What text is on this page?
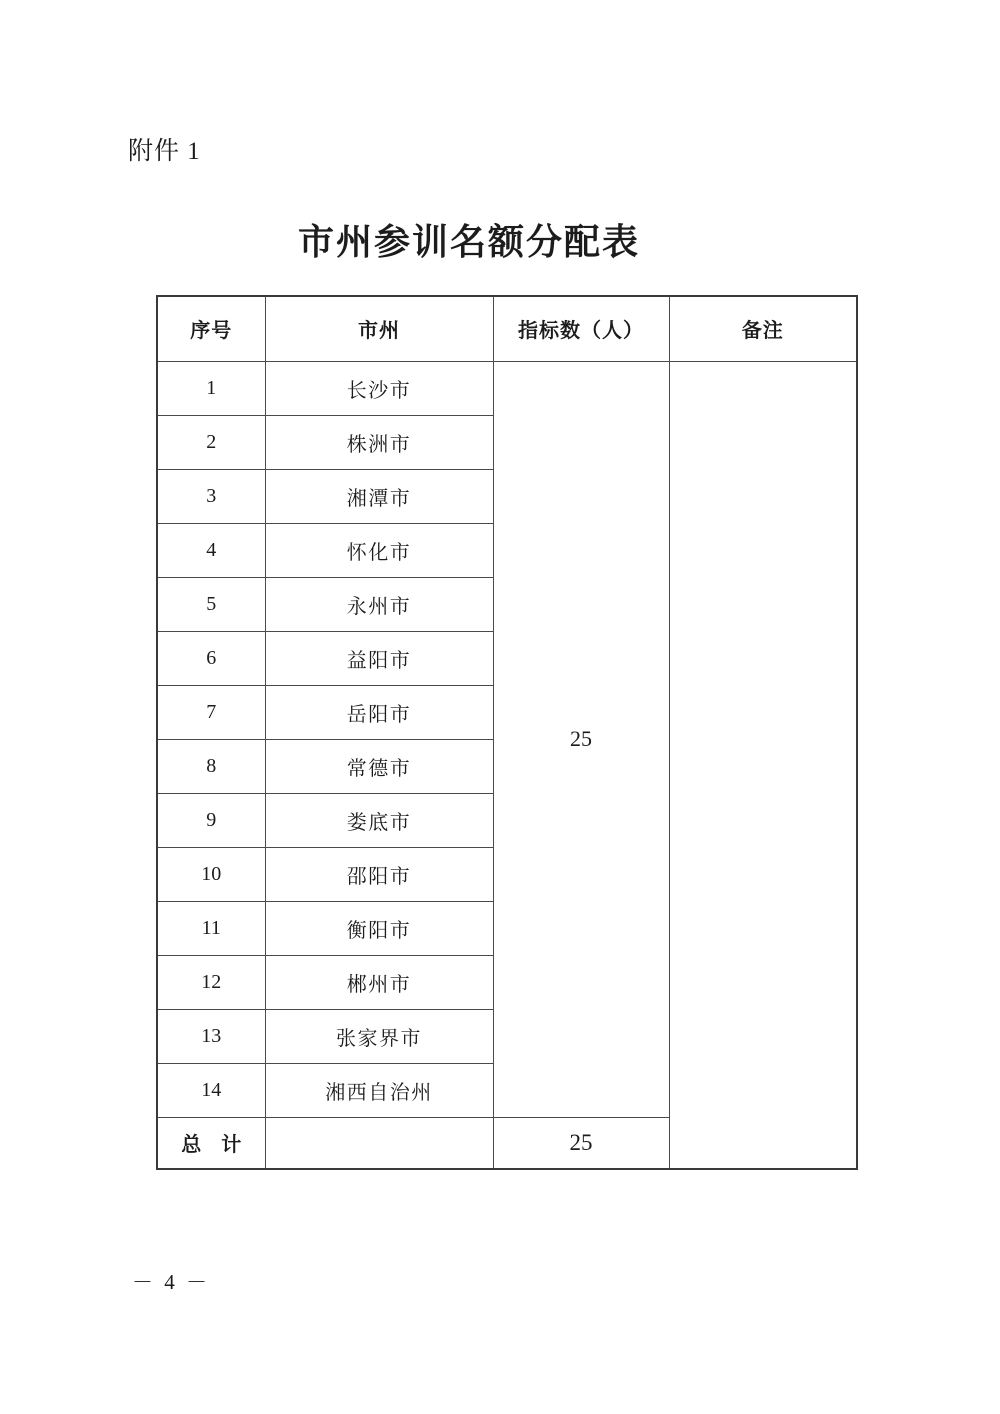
附件 1
市州参训名额分配表
序号	市州	指标数（人）	备注
1	长沙市	25	
2	株洲市		
3	湘潭市		
4	怀化市		
5	永州市		
6	益阳市		
7	岳阳市		
8	常德市		
9	娄底市		
10	邵阳市		
11	衡阳市		
12	郴州市		
13	张家界市		
14	湘西自治州		
总　计		25	
－ 4 －
